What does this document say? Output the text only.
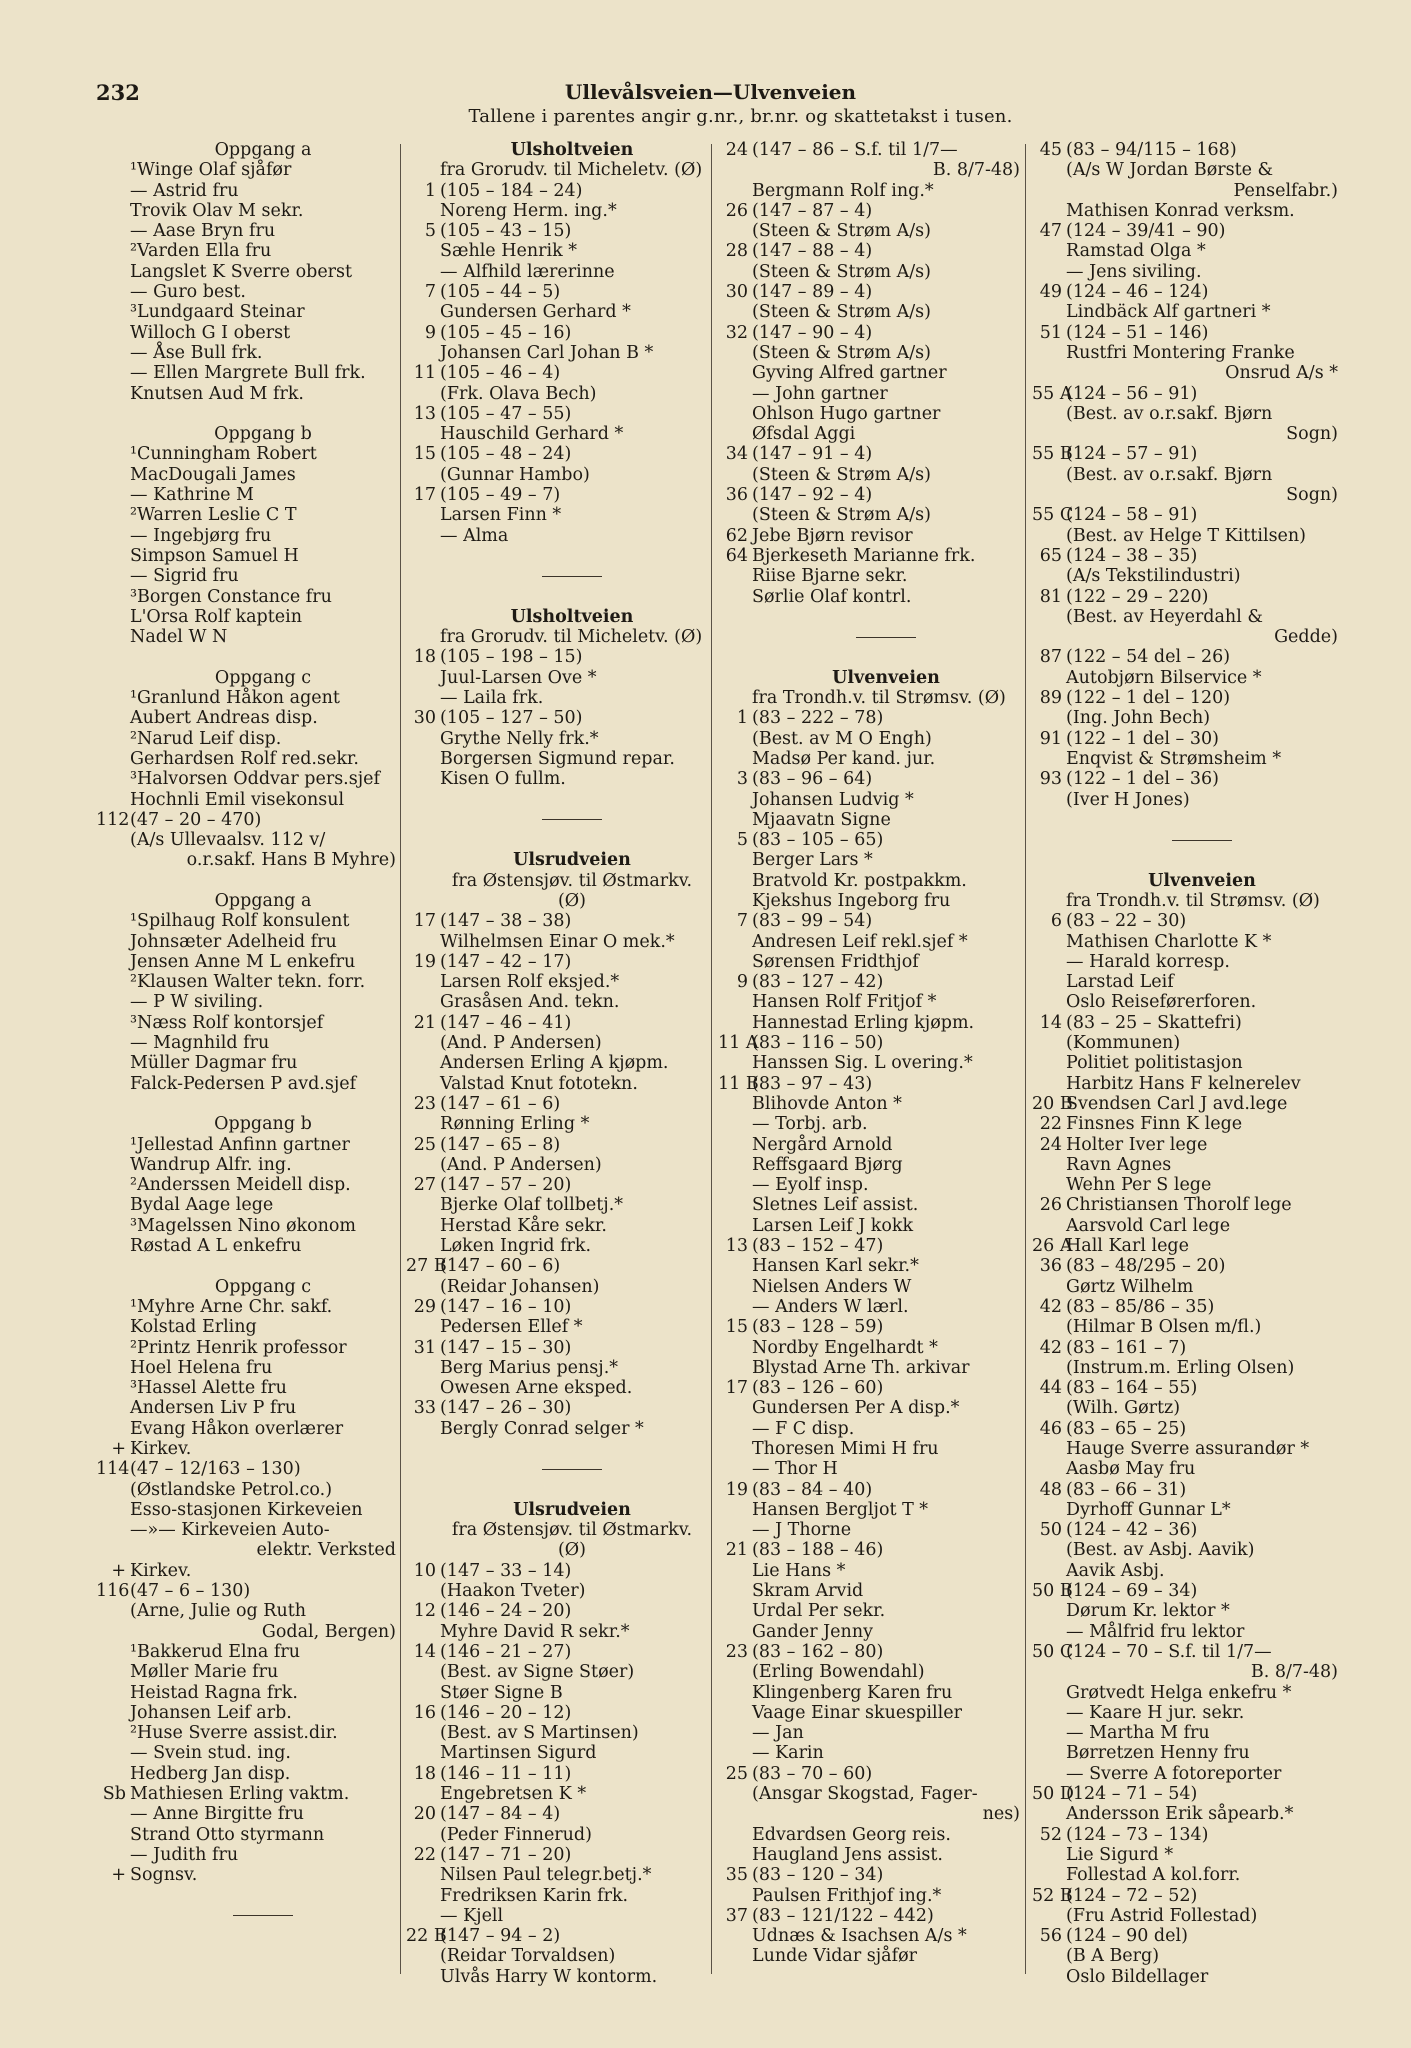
232	Ullevålsveien—Ulvenveien
Tallene i parentes angir g.nr., br.nr. og skattetakst i tusen.
Oppgang a
¹Winge Olaf sjåfør
— Astrid fru
Trovik Olav M sekr.
— Aase Bryn fru
²Varden Ella fru
Langslet K Sverre oberst
— Guro best.
³Lundgaard Steinar
Willoch G I oberst
— Åse Bull frk.
— Ellen Margrete Bull frk.
Knutsen Aud M frk.
Oppgang b
¹Cunningham Robert
MacDougali James
— Kathrine M
²Warren Leslie C T
— Ingebjørg fru
Simpson Samuel H
— Sigrid fru
³Borgen Constance fru
L'Orsa Rolf kaptein
Nadel W N
Oppgang c
¹Granlund Håkon agent
Aubert Andreas disp.
²Narud Leif disp.
Gerhardsen Rolf red.sekr.
³Halvorsen Oddvar pers.sjef
Hochnli Emil visekonsul
112 (47 – 20 – 470)
(A/s Ullevaalsv. 112 v/
o.r.sakf. Hans B Myhre)
Oppgang a
¹Spilhaug Rolf konsulent
Johnsæter Adelheid fru
Jensen Anne M L enkefru
²Klausen Walter tekn. forr.
— P W siviling.
³Næss Rolf kontorsjef
— Magnhild fru
Müller Dagmar fru
Falck-Pedersen P avd.sjef
Oppgang b
¹Jellestad Anfinn gartner
Wandrup Alfr. ing.
²Anderssen Meidell disp.
Bydal Aage lege
³Magelssen Nino økonom
Røstad A L enkefru
Oppgang c
¹Myhre Arne Chr. sakf.
Kolstad Erling
²Printz Henrik professor
Hoel Helena fru
³Hassel Alette fru
Andersen Liv P fru
Evang Håkon overlærer
+ Kirkev.
114 (47 – 12/163 – 130)
(Østlandske Petrol.co.)
Esso-stasjonen Kirkeveien
—»— Kirkeveien Auto-
elektr. Verksted
+ Kirkev.
116 (47 – 6 – 130)
(Arne, Julie og Ruth
Godal, Bergen)
¹Bakkerud Elna fru
Møller Marie fru
Heistad Ragna frk.
Johansen Leif arb.
²Huse Sverre assist.dir.
— Svein stud. ing.
Hedberg Jan disp.
Sb Mathiesen Erling vaktm.
— Anne Birgitte fru
Strand Otto styrmann
— Judith fru
+ Sognsv.
Ulsholtveien
fra Grorudv. til Micheletv. (Ø)
1 (105 – 184 – 24)
Noreng Herm. ing.*
5 (105 – 43 – 15)
Sæhle Henrik *
— Alfhild lærerinne
7 (105 – 44 – 5)
Gundersen Gerhard *
9 (105 – 45 – 16)
Johansen Carl Johan B *
11 (105 – 46 – 4)
(Frk. Olava Bech)
13 (105 – 47 – 55)
Hauschild Gerhard *
15 (105 – 48 – 24)
(Gunnar Hambo)
17 (105 – 49 – 7)
Larsen Finn *
— Alma
Ulsholtveien
fra Grorudv. til Micheletv. (Ø)
18 (105 – 198 – 15)
Juul-Larsen Ove *
— Laila frk.
30 (105 – 127 – 50)
Grythe Nelly frk.*
Borgersen Sigmund repar.
Kisen O fullm.
Ulsrudveien
fra Østensjøv. til Østmarkv.
(Ø)
17 (147 – 38 – 38)
Wilhelmsen Einar O mek.*
19 (147 – 42 – 17)
Larsen Rolf eksjed.*
Grasåsen And. tekn.
21 (147 – 46 – 41)
(And. P Andersen)
Andersen Erling A kjøpm.
Valstad Knut fototekn.
23 (147 – 61 – 6)
Rønning Erling *
25 (147 – 65 – 8)
(And. P Andersen)
27 (147 – 57 – 20)
Bjerke Olaf tollbetj.*
Herstad Kåre sekr.
Løken Ingrid frk.
27 B
(147 – 60 – 6)
(Reidar Johansen)
29 (147 – 16 – 10)
Pedersen Ellef *
31 (147 – 15 – 30)
Berg Marius pensj.*
Owesen Arne eksped.
33 (147 – 26 – 30)
Bergly Conrad selger *
Ulsrudveien
fra Østensjøv. til Østmarkv.
(Ø)
10 (147 – 33 – 14)
(Haakon Tveter)
12 (146 – 24 – 20)
Myhre David R sekr.*
14 (146 – 21 – 27)
(Best. av Signe Støer)
Støer Signe B
16 (146 – 20 – 12)
(Best. av S Martinsen)
Martinsen Sigurd
18 (146 – 11 – 11)
Engebretsen K *
20 (147 – 84 – 4)
(Peder Finnerud)
22 (147 – 71 – 20)
Nilsen Paul telegr.betj.*
Fredriksen Karin frk.
— Kjell
22 B
(147 – 94 – 2)
(Reidar Torvaldsen)
Ulvås Harry W kontorm.
24 (147 – 86 – S.f. til 1/7—
B. 8/7-48)
Bergmann Rolf ing.*
26 (147 – 87 – 4)
(Steen & Strøm A/s)
28 (147 – 88 – 4)
(Steen & Strøm A/s)
30 (147 – 89 – 4)
(Steen & Strøm A/s)
32 (147 – 90 – 4)
(Steen & Strøm A/s)
Gyving Alfred gartner
— John gartner
Ohlson Hugo gartner
Øfsdal Aggi
34 (147 – 91 – 4)
(Steen & Strøm A/s)
36 (147 – 92 – 4)
(Steen & Strøm A/s)
62 Jebe Bjørn revisor
64 Bjerkeseth Marianne frk.
Riise Bjarne sekr.
Sørlie Olaf kontrl.
Ulvenveien
fra Trondh.v. til Strømsv. (Ø)
1 (83 – 222 – 78)
(Best. av M O Engh)
Madsø Per kand. jur.
3 (83 – 96 – 64)
Johansen Ludvig *
Mjaavatn Signe
5 (83 – 105 – 65)
Berger Lars *
Bratvold Kr. postpakkm.
Kjekshus Ingeborg fru
7 (83 – 99 – 54)
Andresen Leif rekl.sjef *
Sørensen Fridthjof
9 (83 – 127 – 42)
Hansen Rolf Fritjof *
Hannestad Erling kjøpm.
11 A
(83 – 116 – 50)
Hanssen Sig. L overing.*
11 B
(83 – 97 – 43)
Blihovde Anton *
— Torbj. arb.
Nergård Arnold
Reffsgaard Bjørg
— Eyolf insp.
Sletnes Leif assist.
Larsen Leif J kokk
13 (83 – 152 – 47)
Hansen Karl sekr.*
Nielsen Anders W
— Anders W lærl.
15 (83 – 128 – 59)
Nordby Engelhardt *
Blystad Arne Th. arkivar
17 (83 – 126 – 60)
Gundersen Per A disp.*
— F C disp.
Thoresen Mimi H fru
— Thor H
19 (83 – 84 – 40)
Hansen Bergljot T *
— J Thorne
21 (83 – 188 – 46)
Lie Hans *
Skram Arvid
Urdal Per sekr.
Gander Jenny
23 (83 – 162 – 80)
(Erling Bowendahl)
Klingenberg Karen fru
Vaage Einar skuespiller
— Jan
— Karin
25 (83 – 70 – 60)
(Ansgar Skogstad, Fager-
nes)
Edvardsen Georg reis.
Haugland Jens assist.
35 (83 – 120 – 34)
Paulsen Frithjof ing.*
37 (83 – 121/122 – 442)
Udnæs & Isachsen A/s *
Lunde Vidar sjåfør
45 (83 – 94/115 – 168)
(A/s W Jordan Børste &
Penselfabr.)
Mathisen Konrad verksm.
47 (124 – 39/41 – 90)
Ramstad Olga *
— Jens siviling.
49 (124 – 46 – 124)
Lindbäck Alf gartneri *
51 (124 – 51 – 146)
Rustfri Montering Franke
Onsrud A/s *
55 A
(124 – 56 – 91)
(Best. av o.r.sakf. Bjørn
Sogn)
55 B
(124 – 57 – 91)
(Best. av o.r.sakf. Bjørn
Sogn)
55 C
(124 – 58 – 91)
(Best. av Helge T Kittilsen)
65 (124 – 38 – 35)
(A/s Tekstilindustri)
81 (122 – 29 – 220)
(Best. av Heyerdahl &
Gedde)
87 (122 – 54 del – 26)
Autobjørn Bilservice *
89 (122 – 1 del – 120)
(Ing. John Bech)
91 (122 – 1 del – 30)
Enqvist & Strømsheim *
93 (122 – 1 del – 36)
(Iver H Jones)
Ulvenveien
fra Trondh.v. til Strømsv. (Ø)
6 (83 – 22 – 30)
Mathisen Charlotte K *
— Harald korresp.
Larstad Leif
Oslo Reiseførerforen.
14 (83 – 25 – Skattefri)
(Kommunen)
Politiet politistasjon
Harbitz Hans F kelnerelev
20 B
Svendsen Carl J avd.lege
22 Finsnes Finn K lege
24 Holter Iver lege
Ravn Agnes
Wehn Per S lege
26 Christiansen Thorolf lege
Aarsvold Carl lege
26 A
Hall Karl lege
36 (83 – 48/295 – 20)
Gørtz Wilhelm
42 (83 – 85/86 – 35)
(Hilmar B Olsen m/fl.)
42 (83 – 161 – 7)
(Instrum.m. Erling Olsen)
44 (83 – 164 – 55)
(Wilh. Gørtz)
46 (83 – 65 – 25)
Hauge Sverre assurandør *
Aasbø May fru
48 (83 – 66 – 31)
Dyrhoff Gunnar L*
50 (124 – 42 – 36)
(Best. av Asbj. Aavik)
Aavik Asbj.
50 B
(124 – 69 – 34)
Dørum Kr. lektor *
— Målfrid fru lektor
50 C
(124 – 70 – S.f. til 1/7—
B. 8/7-48)
Grøtvedt Helga enkefru *
— Kaare H jur. sekr.
— Martha M fru
Børretzen Henny fru
— Sverre A fotoreporter
50 D
(124 – 71 – 54)
Andersson Erik såpearb.*
52 (124 – 73 – 134)
Lie Sigurd *
Follestad A kol.forr.
52 B
(124 – 72 – 52)
(Fru Astrid Follestad)
56 (124 – 90 del)
(B A Berg)
Oslo Bildellager
